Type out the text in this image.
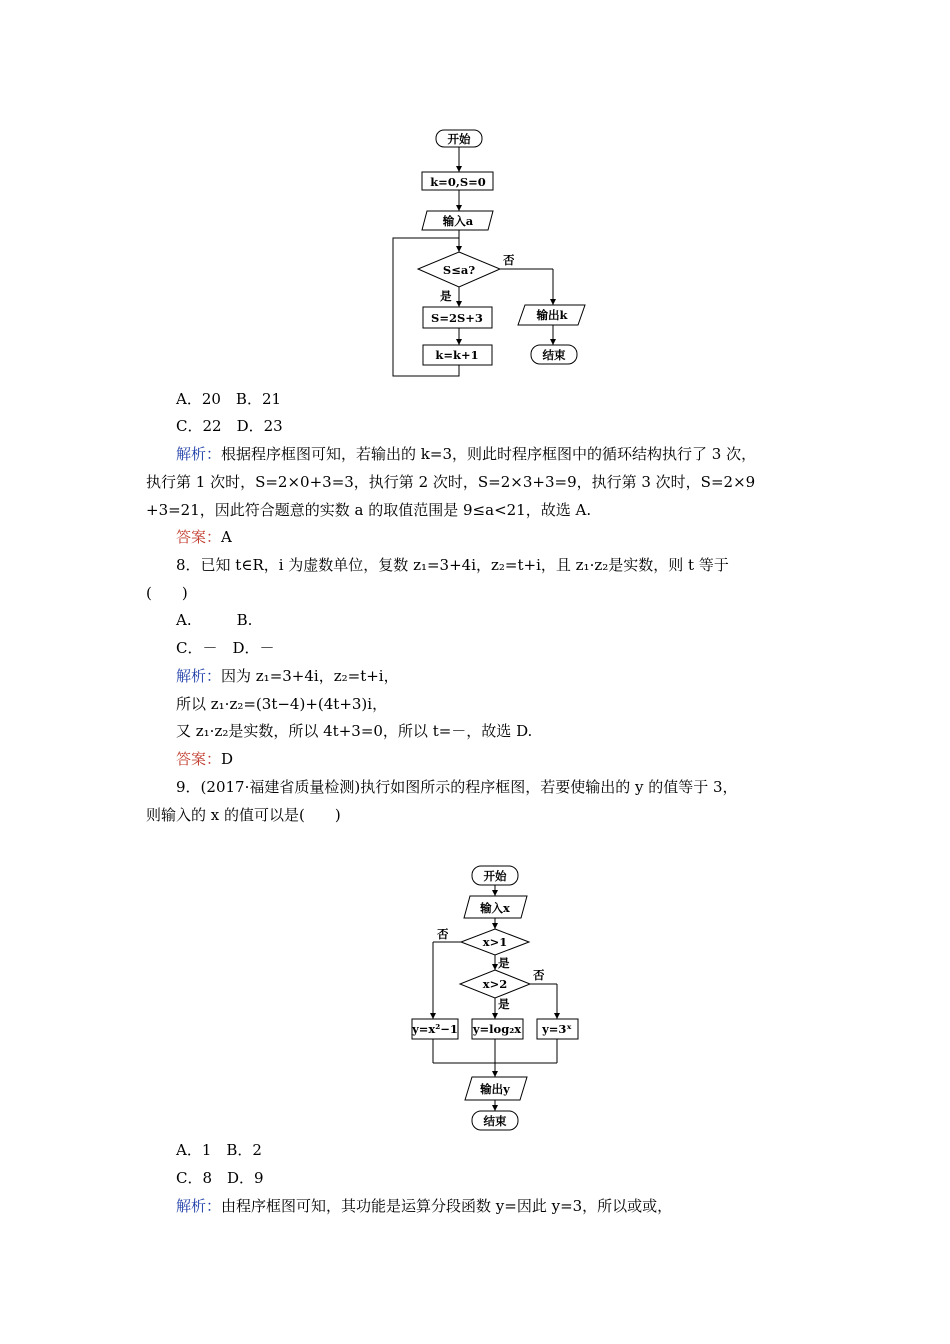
开始
k=0,S=0
输入a
S≤a?
否
是
S=2S+3
k=k+1
输出k
结束
A．20　B．21
C．22　D．23
解析：根据程序框图可知，若输出的 k=3，则此时程序框图中的循环结构执行了 3 次，
执行第 1 次时，S=2×0+3=3，执行第 2 次时，S=2×3+3=9，执行第 3 次时，S=2×9
+3=21，因此符合题意的实数 a 的取值范围是 9≤a<21，故选 A.
答案：A
8．已知 t∈R，i 为虚数单位，复数 z₁=3+4i，z₂=t+i，且 z₁·z₂是实数，则 t 等于
(　　)
A.　　　B.
C．－　D．－
解析：因为 z₁=3+4i，z₂=t+i，
所以 z₁·z₂=(3t−4)+(4t+3)i，
又 z₁·z₂是实数，所以 4t+3=0，所以 t=－，故选 D.
答案：D
9．(2017·福建省质量检测)执行如图所示的程序框图，若要使输出的 y 的值等于 3，
则输入的 x 的值可以是(　　)
开始
输入x
x>1
否
是
x>2
否
是
y=x²−1 y=log₂x y=3ˣ
输出y
结束
A．1　B．2
C．8　D．9
解析：由程序框图可知，其功能是运算分段函数 y=因此 y=3，所以或或，
